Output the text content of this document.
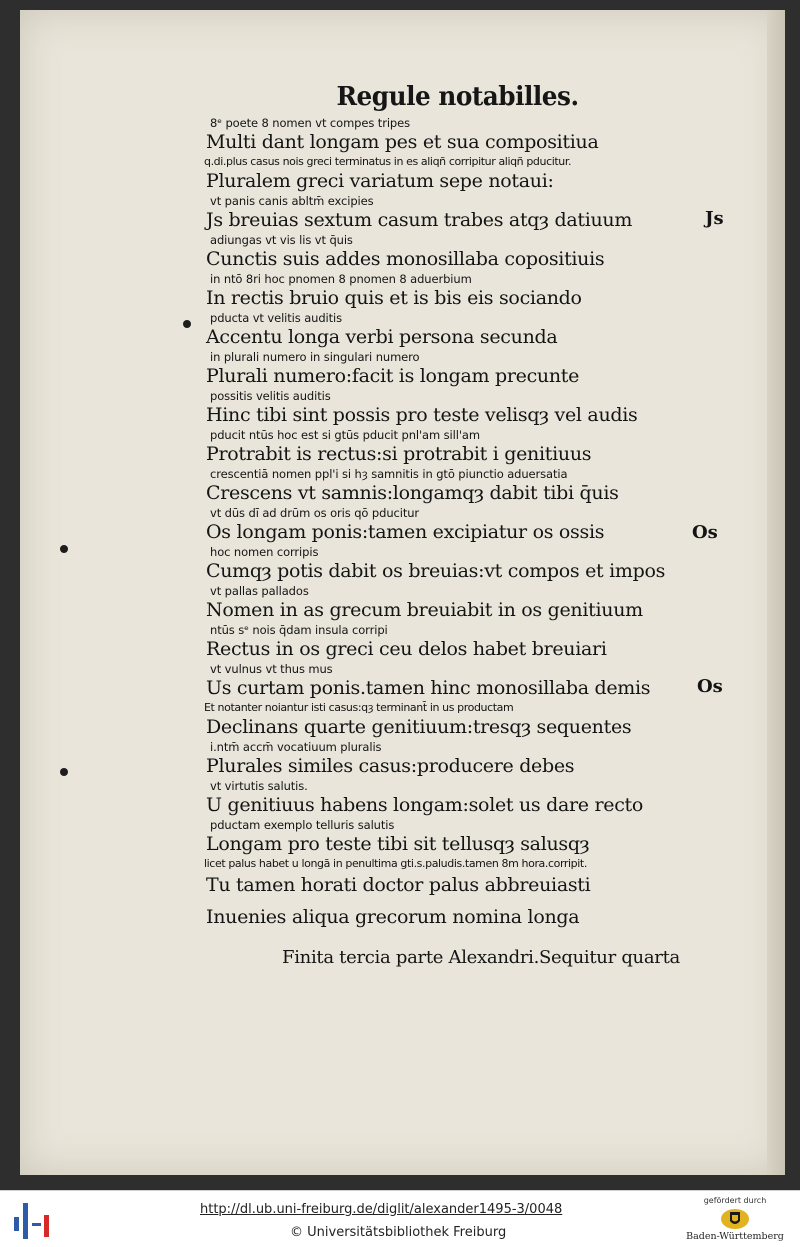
Regule notabilles.
8ᵉ poete 8 nomen vt compes tripes
Multi dant longam pes et sua compositiua
q.di.plus casus nois greci terminatus in es aliqñ corripitur aliqñ pducitur.
Pluralem greci variatum sepe notaui:
vt panis canis abltm̄ excipies
Js breuias sextum casum trabes atqȝ datiuum
adiungas vt vis lis vt q̄uis
Cunctis suis addes monosillaba copositiuis
in ntō 8ri hoc pnomen 8 pnomen 8 aduerbium
In rectis bruio quis et is bis eis sociando
pducta vt velitis auditis
Accentu longa verbi persona secunda
in plurali numero in singulari numero
Plurali numero:facit is longam precunte
possitis velitis auditis
Hinc tibi sint possis pro teste velisqȝ vel audis
pducit ntūs hoc est si gtūs pducit pnl'am sill'am
Protrabit is rectus:si protrabit i genitiuus
crescentiā nomen ppl'i si hȝ samnitis in gtō piunctio aduersatia
Crescens vt samnis:longamqȝ dabit tibi q̄uis
vt dūs dī ad drūm os oris qō pducitur
Os longam ponis:tamen excipiatur os ossis
hoc nomen corripis
Cumqȝ potis dabit os breuias:vt compos et impos
vt pallas pallados
Nomen in as grecum breuiabit in os genitiuum
ntūs sᵉ nois q̄dam insula corripi
Rectus in os greci ceu delos habet breuiari
vt vulnus vt thus mus
Us curtam ponis.tamen hinc monosillaba demis
Et notanter noiantur isti casus:qȝ terminant̄ in us productam
Declinans quarte genitiuum:tresqȝ sequentes
i.ntm̄ accm̄ vocatiuum pluralis
Plurales similes casus:producere debes
vt virtutis salutis.
U genitiuus habens longam:solet us dare recto
pductam exemplo telluris salutis
Longam pro teste tibi sit tellusqȝ salusqȝ
licet palus habet u longā in penultima gti.s.paludis.tamen 8m hora.corripit.
Tu tamen horati doctor palus abbreuiasti
Inuenies aliqua grecorum nomina longa
Js
Os
Os
Finita tercia parte Alexandri.Sequitur quarta
http://dl.ub.uni-freiburg.de/diglit/alexander1495-3/0048
© Universitätsbibliothek Freiburg
gefördert durch
Baden-Württemberg
